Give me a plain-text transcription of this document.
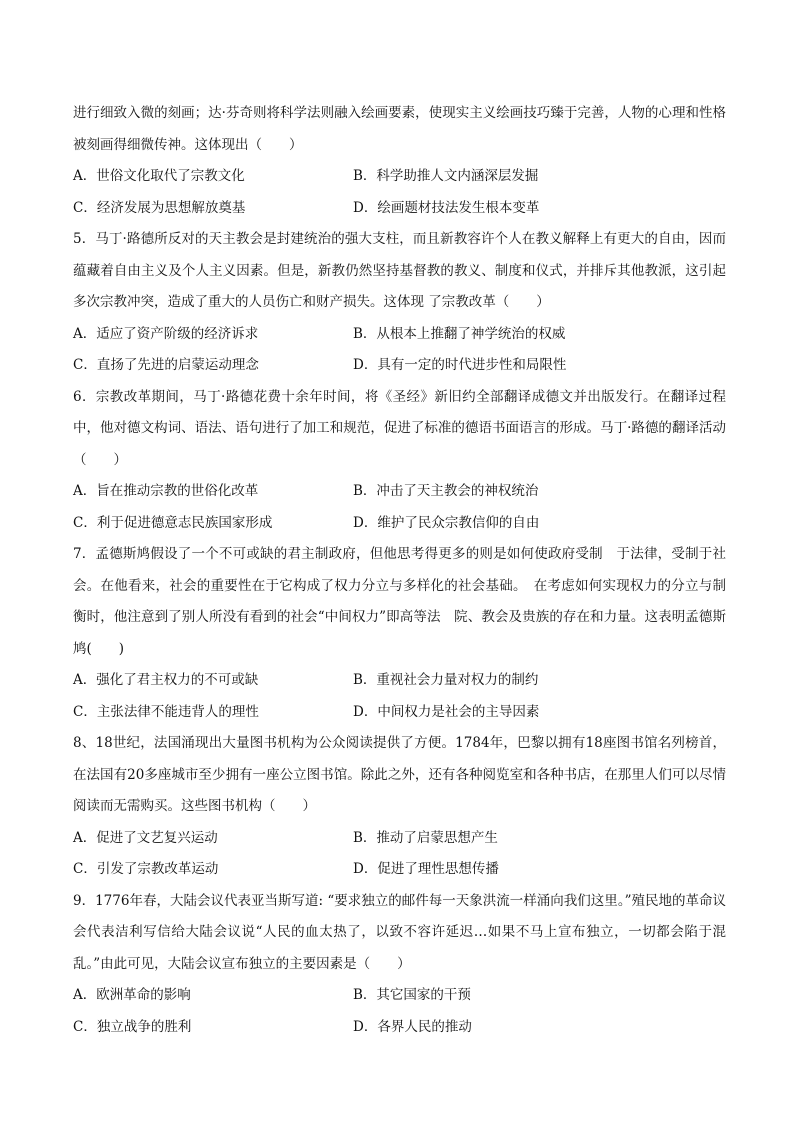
进行细致入微的刻画；达·芬奇则将科学法则融入绘画要素，使现实主义绘画技巧臻于完善，人物的心理和性格被刻画得细微传神。这体现出（　　）

A．世俗文化取代了宗教文化	B．科学助推人文内涵深层发掘
C．经济发展为思想解放奠基	D．绘画题材技法发生根本变革

5．马丁·路德所反对的天主教会是封建统治的强大支柱，而且新教容许个人在教义解释上有更大的自由，因而蕴藏着自由主义及个人主义因素。但是，新教仍然坚持基督教的教义、制度和仪式，并排斥其他教派，这引起多次宗教冲突，造成了重大的人员伤亡和财产损失。这体现 了宗教改革（　　）

A．适应了资产阶级的经济诉求	B．从根本上推翻了神学统治的权威
C．直扬了先进的启蒙运动理念	D．具有一定的时代进步性和局限性

6．宗教改革期间，马丁·路德花费十余年时间，将《圣经》新旧约全部翻译成德文并出版发行。在翻译过程中，他对德文构词、语法、语句进行了加工和规范，促进了标准的德语书面语言的形成。马丁·路德的翻译活动（　　）

A．旨在推动宗教的世俗化改革	B．冲击了天主教会的神权统治
C．利于促进德意志民族国家形成	D．维护了民众宗教信仰的自由

7．孟德斯鸠假设了一个不可或缺的君主制政府，但他思考得更多的则是如何使政府受制　于法律，受制于社会。在他看来，社会的重要性在于它构成了权力分立与多样化的社会基础。　在考虑如何实现权力的分立与制衡时，他注意到了别人所没有看到的社会“中间权力”即高等法　院、教会及贵族的存在和力量。这表明孟德斯鸠(　　)

A．强化了君主权力的不可或缺	B．重视社会力量对权力的制约
C．主张法律不能违背人的理性	D．中间权力是社会的主导因素

8、18世纪，法国涌现出大量图书机构为公众阅读提供了方便。1784年，巴黎以拥有18座图书馆名列榜首，在法国有20多座城市至少拥有一座公立图书馆。除此之外，还有各种阅览室和各种书店，在那里人们可以尽情阅读而无需购买。这些图书机构（　　）

A．促进了文艺复兴运动	B．推动了启蒙思想产生
C．引发了宗教改革运动	D．促进了理性思想传播

9．1776年春，大陆会议代表亚当斯写道: “要求独立的邮件每一天象洪流一样涌向我们这里。”殖民地的革命议会代表洁利写信给大陆会议说“人民的血太热了，以致不容许延迟…如果不马上宣布独立，一切都会陷于混乱。”由此可见，大陆会议宣布独立的主要因素是（　　）

A．欧洲革命的影响	B．其它国家的干预
C．独立战争的胜利	D．各界人民的推动
